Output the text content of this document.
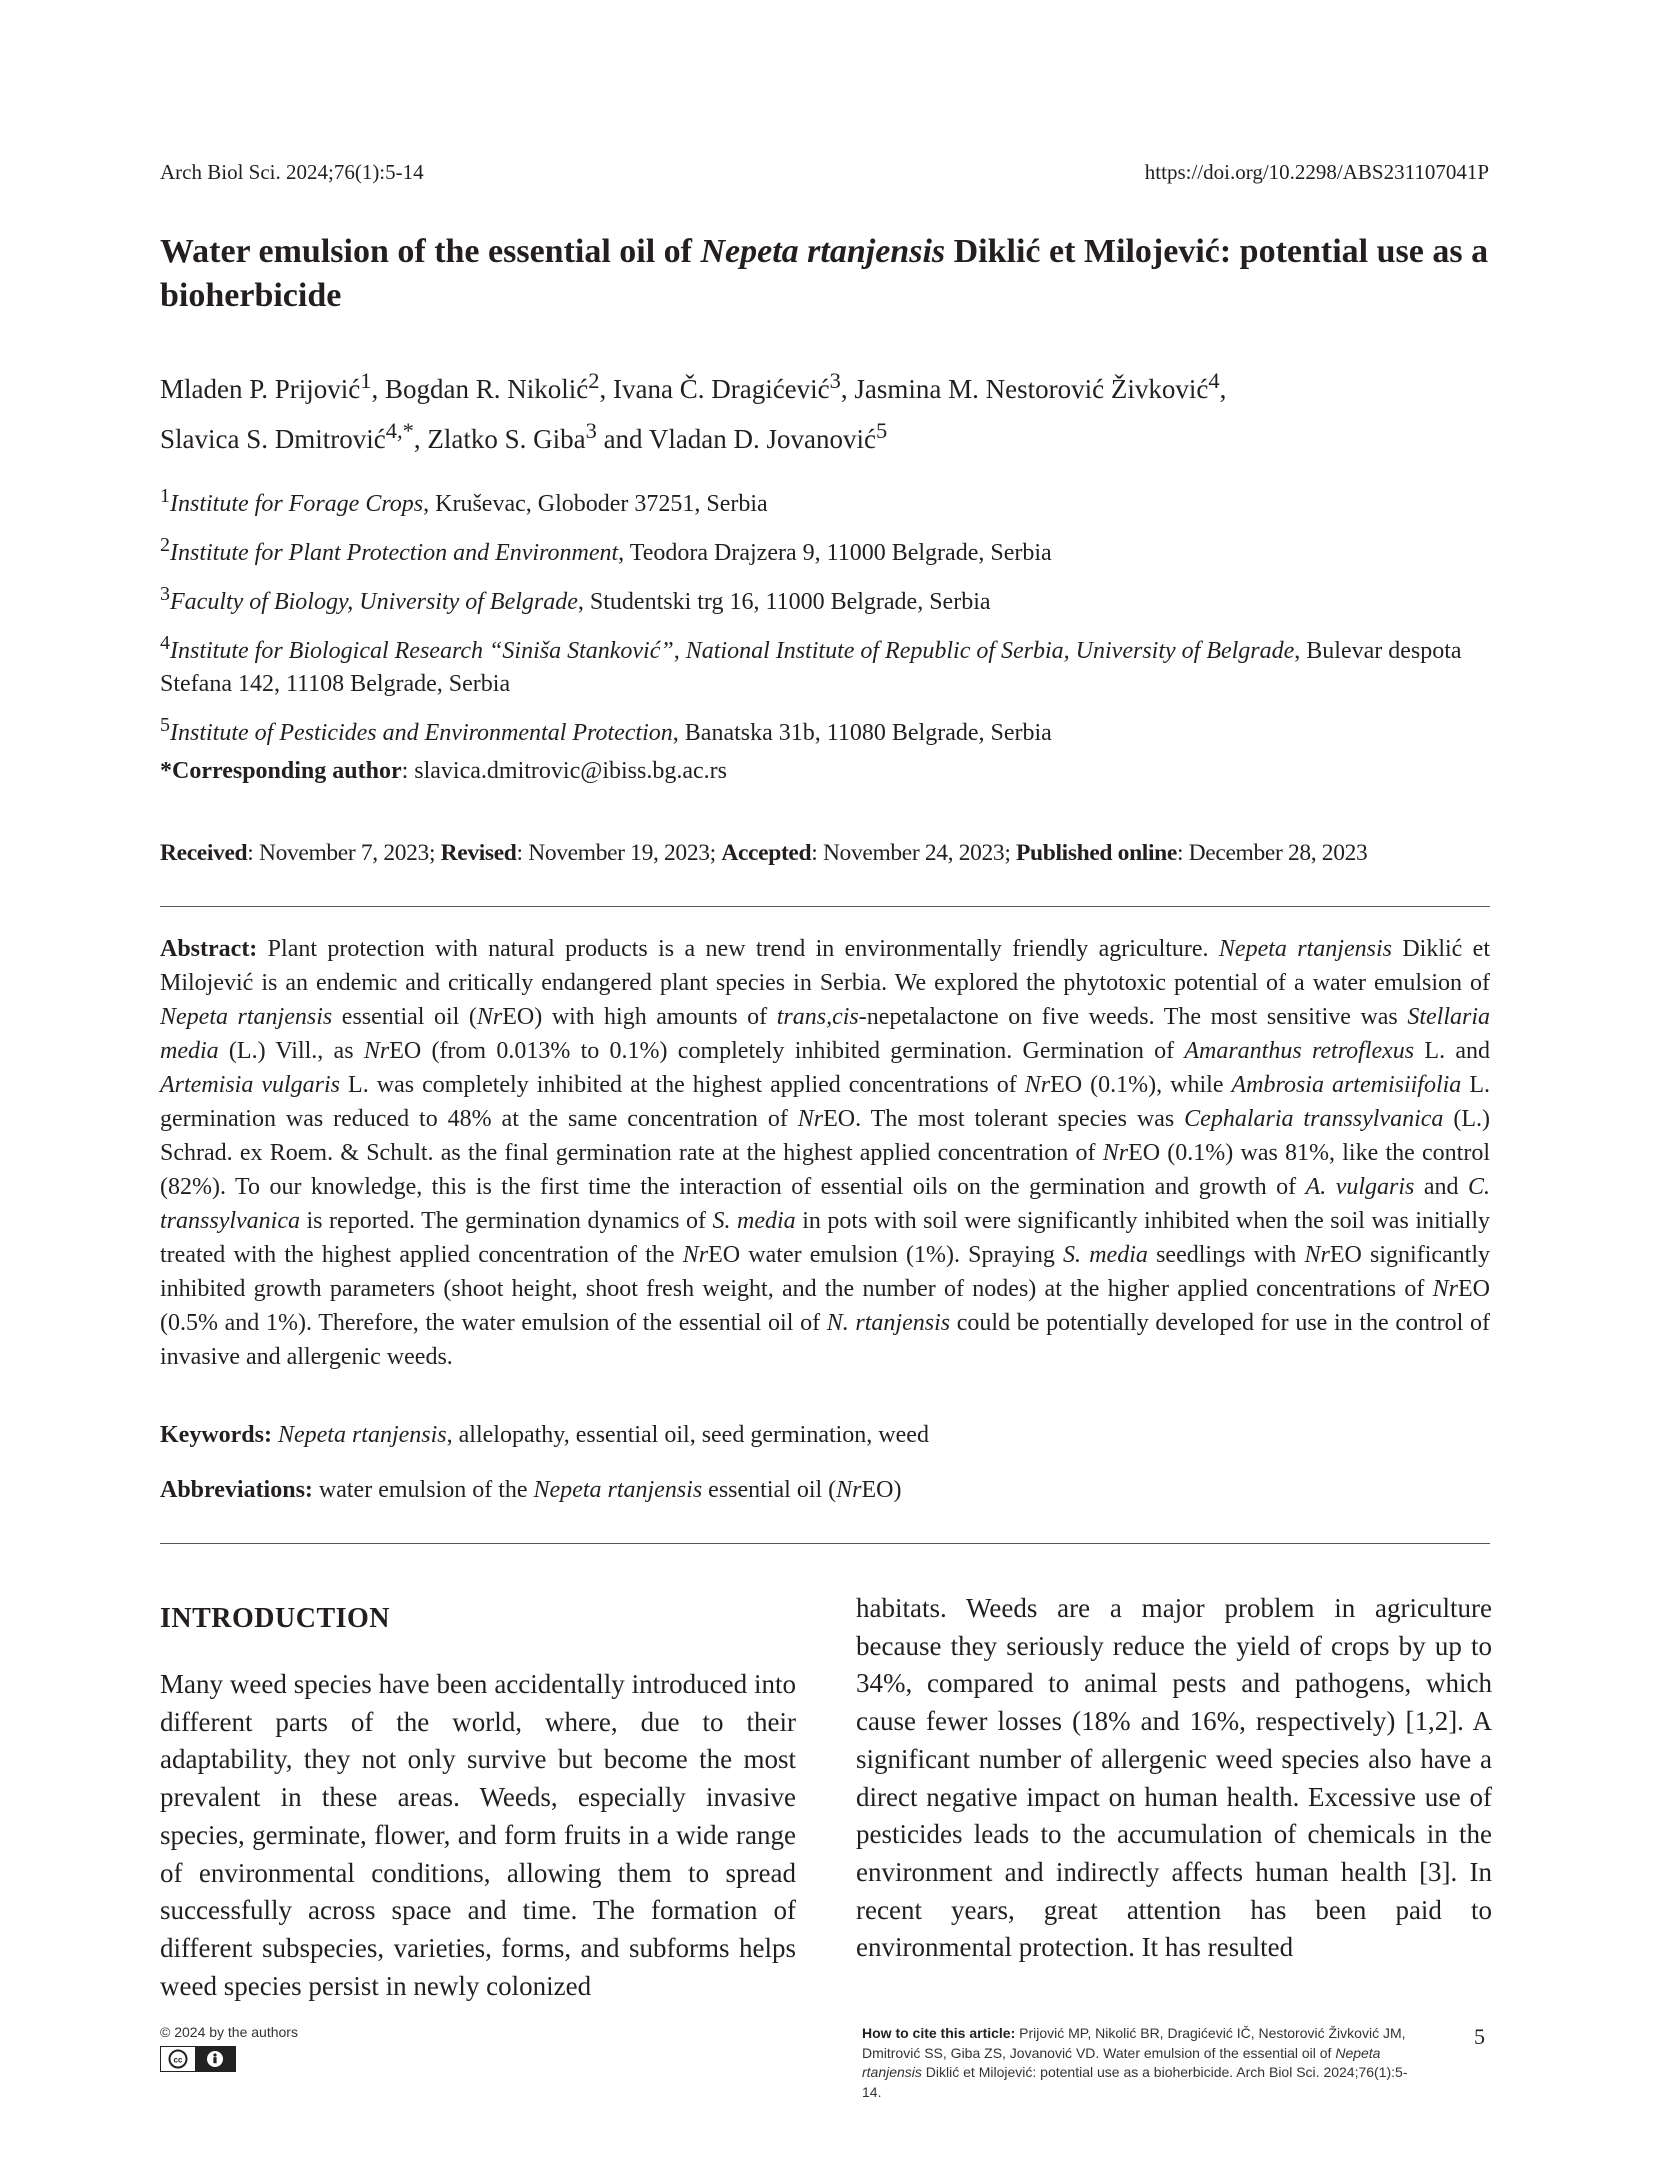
Arch Biol Sci. 2024;76(1):5-14	https://doi.org/10.2298/ABS231107041P
Water emulsion of the essential oil of Nepeta rtanjensis Diklić et Milojević: potential use as a bioherbicide
Mladen P. Prijović$^1$, Bogdan R. Nikolić$^2$, Ivana Č. Dragićević$^3$, Jasmina M. Nestorović Živković$^4$,
Slavica S. Dmitrović$^{4,*}$, Zlatko S. Giba$^3$ and Vladan D. Jovanović$^5$

$^1$Institute for Forage Crops, Kruševac, Globoder 37251, Serbia

$^2$Institute for Plant Protection and Environment, Teodora Drajzera 9, 11000 Belgrade, Serbia

$^3$Faculty of Biology, University of Belgrade, Studentski trg 16, 11000 Belgrade, Serbia

$^4$Institute for Biological Research “Siniša Stanković”, National Institute of Republic of Serbia, University of Belgrade, Bulevar despota Stefana 142, 11108 Belgrade, Serbia

$^5$Institute of Pesticides and Environmental Protection, Banatska 31b, 11080 Belgrade, Serbia

*Corresponding author: slavica.dmitrovic@ibiss.bg.ac.rs
Received: November 7, 2023; Revised: November 19, 2023; Accepted: November 24, 2023; Published online: December 28, 2023

Abstract: Plant protection with natural products is a new trend in environmentally friendly agriculture. Nepeta rtanjensis Diklić et Milojević is an endemic and critically endangered plant species in Serbia. We explored the phytotoxic potential of a water emulsion of Nepeta rtanjensis essential oil (NrEO) with high amounts of trans,cis-nepetalactone on five weeds. The most sensitive was Stellaria media (L.) Vill., as NrEO (from 0.013% to 0.1%) completely inhibited germination. Germination of Amaranthus retroflexus L. and Artemisia vulgaris L. was completely inhibited at the highest applied concentrations of NrEO (0.1%), while Ambrosia artemisiifolia L. germination was reduced to 48% at the same concentration of NrEO. The most tolerant species was Cephalaria transsylvanica (L.) Schrad. ex Roem. & Schult. as the final germination rate at the highest applied concentration of NrEO (0.1%) was 81%, like the control (82%). To our knowledge, this is the first time the interaction of essential oils on the germination and growth of A. vulgaris and C. transsylvanica is reported. The germination dynamics of S. media in pots with soil were significantly inhibited when the soil was initially treated with the highest applied concentration of the NrEO water emulsion (1%). Spraying S. media seedlings with NrEO significantly inhibited growth parameters (shoot height, shoot fresh weight, and the number of nodes) at the higher applied concentrations of NrEO (0.5% and 1%). Therefore, the water emulsion of the essential oil of N. rtanjensis could be potentially developed for use in the control of invasive and allergenic weeds.

Keywords: Nepeta rtanjensis, allelopathy, essential oil, seed germination, weed
Abbreviations: water emulsion of the Nepeta rtanjensis essential oil (NrEO)
INTRODUCTION

Many weed species have been accidentally introduced into different parts of the world, where, due to their adaptability, they not only survive but become the most prevalent in these areas. Weeds, especially invasive species, germinate, flower, and form fruits in a wide range of environmental conditions, allowing them to spread successfully across space and time. The formation of different subspecies, varieties, forms, and subforms helps weed species persist in newly colonized

habitats. Weeds are a major problem in agriculture because they seriously reduce the yield of crops by up to 34%, compared to animal pests and pathogens, which cause fewer losses (18% and 16%, respectively) [1,2]. A significant number of allergenic weed species also have a direct negative impact on human health. Excessive use of pesticides leads to the accumulation of chemicals in the environment and indirectly affects human health [3]. In recent years, great attention has been paid to environmental protection. It has resulted

© 2024 by the authors
cc
How to cite this article: Prijović MP, Nikolić BR, Dragićević IČ, Nestorović Živković JM, Dmitrović SS, Giba ZS, Jovanović VD. Water emulsion of the essential oil of Nepeta rtanjensis Diklić et Milojević: potential use as a bioherbicide. Arch Biol Sci. 2024;76(1):5-14.
5
